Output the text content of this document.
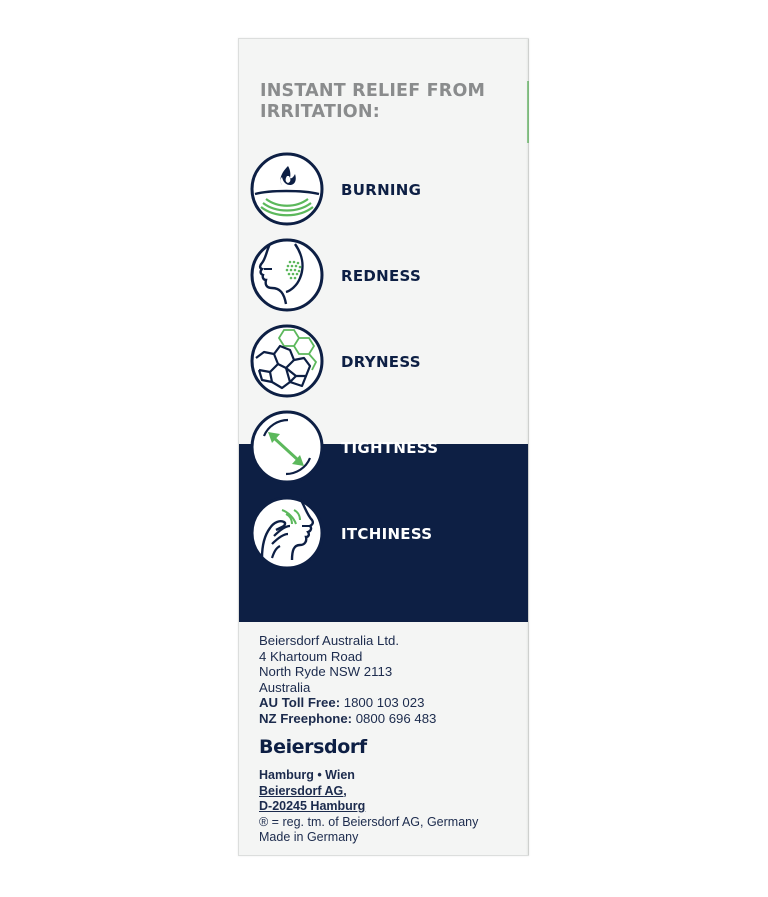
INSTANT RELIEF FROM
IRRITATION:
BURNING
REDNESS
DRYNESS
TIGHTNESS
ITCHINESS
Beiersdorf Australia Ltd.
4 Khartoum Road
North Ryde NSW 2113
Australia
AU Toll Free: 1800 103 023
NZ Freephone: 0800 696 483
Beiersdorf
Hamburg • Wien
Beiersdorf AG,
D-20245 Hamburg
® = reg. tm. of Beiersdorf AG, Germany
Made in Germany
